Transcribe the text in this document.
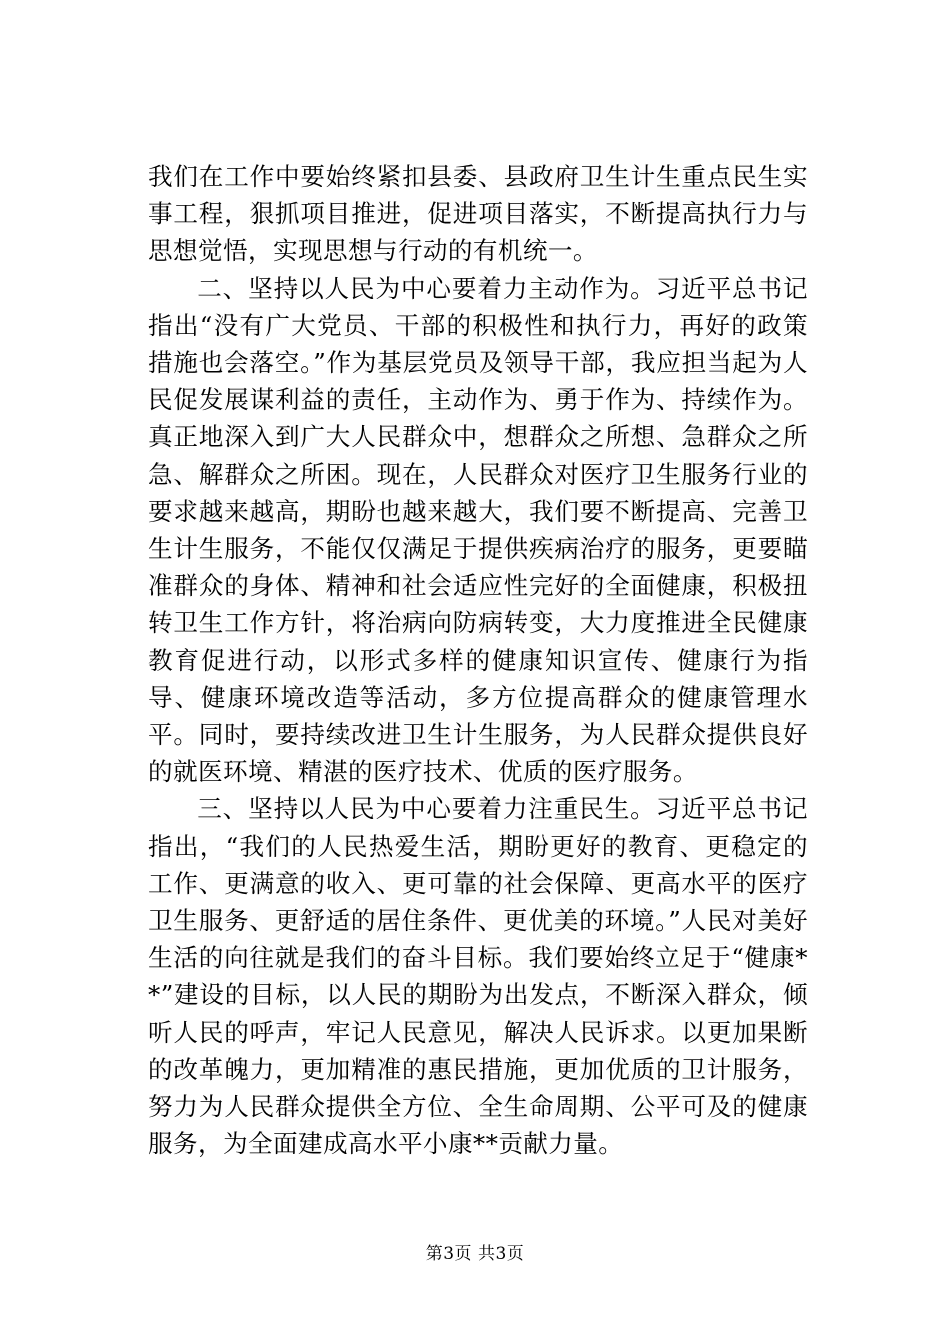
我们在工作中要始终紧扣县委、县政府卫生计生重点民生实事工程，狠抓项目推进，促进项目落实，不断提高执行力与思想觉悟，实现思想与行动的有机统一。

二、坚持以人民为中心要着力主动作为。习近平总书记指出“没有广大党员、干部的积极性和执行力，再好的政策措施也会落空。”作为基层党员及领导干部，我应担当起为人民促发展谋利益的责任，主动作为、勇于作为、持续作为。真正地深入到广大人民群众中，想群众之所想、急群众之所急、解群众之所困。现在，人民群众对医疗卫生服务行业的要求越来越高，期盼也越来越大，我们要不断提高、完善卫生计生服务，不能仅仅满足于提供疾病治疗的服务，更要瞄准群众的身体、精神和社会适应性完好的全面健康，积极扭转卫生工作方针，将治病向防病转变，大力度推进全民健康教育促进行动，以形式多样的健康知识宣传、健康行为指导、健康环境改造等活动，多方位提高群众的健康管理水平。同时，要持续改进卫生计生服务，为人民群众提供良好的就医环境、精湛的医疗技术、优质的医疗服务。

三、坚持以人民为中心要着力注重民生。习近平总书记指出，“我们的人民热爱生活，期盼更好的教育、更稳定的工作、更满意的收入、更可靠的社会保障、更高水平的医疗卫生服务、更舒适的居住条件、更优美的环境。”人民对美好生活的向往就是我们的奋斗目标。我们要始终立足于“健康**”建设的目标，以人民的期盼为出发点，不断深入群众，倾听人民的呼声，牢记人民意见，解决人民诉求。以更加果断的改革魄力，更加精准的惠民措施，更加优质的卫计服务，努力为人民群众提供全方位、全生命周期、公平可及的健康服务，为全面建成高水平小康**贡献力量。

第3页 共3页
